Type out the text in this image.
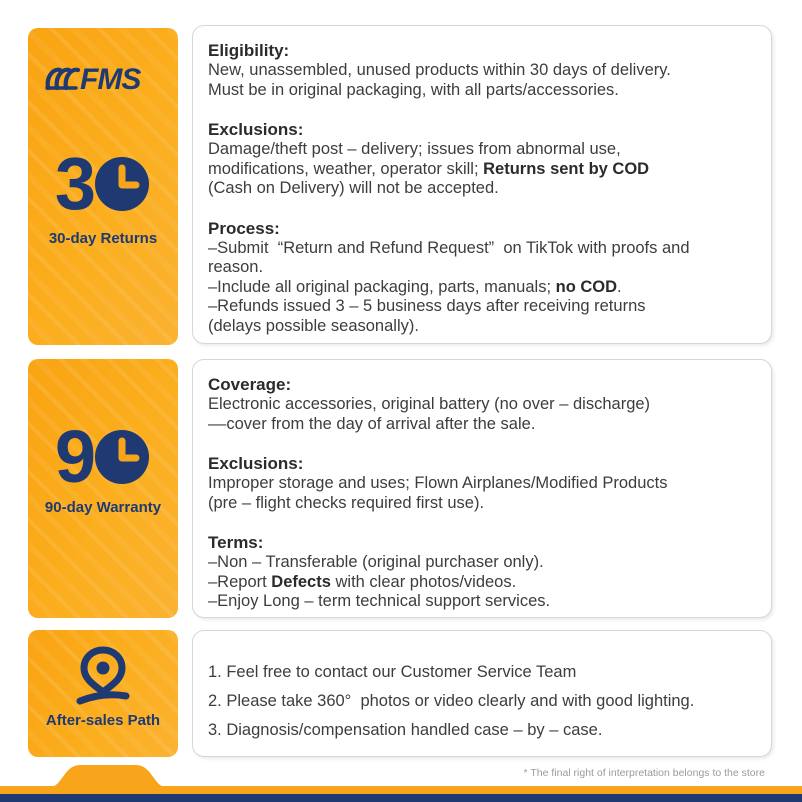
FMS
3
30-day Returns
9
90-day Warranty
After-sales Path
Eligibility:
New, unassembled, unused products within 30 days of delivery.
Must be in original packaging, with all parts/accessories.
Exclusions:
Damage/theft post – delivery; issues from abnormal use,
modifications, weather, operator skill; Returns sent by COD
(Cash on Delivery) will not be accepted.
Process:
–Submit  “Return and Refund Request”  on TikTok with proofs and
reason.
–Include all original packaging, parts, manuals; no COD.
–Refunds issued 3 – 5 business days after receiving returns
(delays possible seasonally).
Coverage:
Electronic accessories, original battery (no over – discharge)
––cover from the day of arrival after the sale.
Exclusions:
Improper storage and uses; Flown Airplanes/Modified Products
(pre – flight checks required first use).
Terms:
–Non – Transferable (original purchaser only).
–Report Defects with clear photos/videos.
–Enjoy Long – term technical support services.
1. Feel free to contact our Customer Service Team
2. Please take 360°  photos or video clearly and with good lighting.
3. Diagnosis/compensation handled case – by – case.
* The final right of interpretation belongs to the store
